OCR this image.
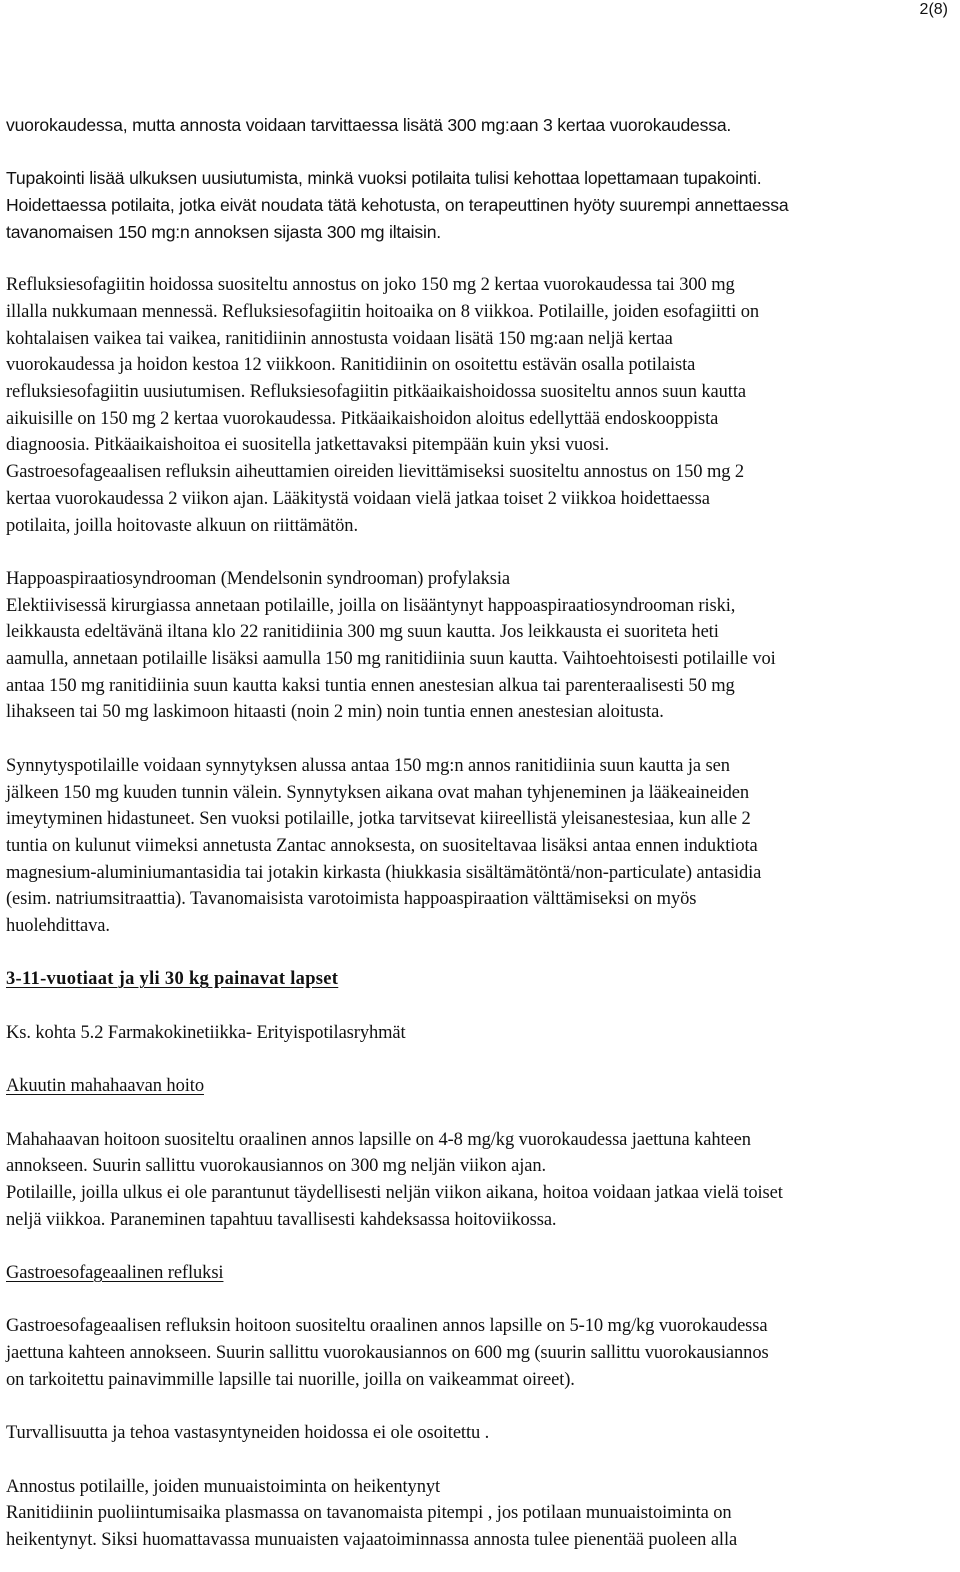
2(8)

vuorokaudessa, mutta annosta voidaan tarvittaessa lisätä 300 mg:aan 3 kertaa vuorokaudessa.

Tupakointi lisää ulkuksen uusiutumista, minkä vuoksi potilaita tulisi kehottaa lopettamaan tupakointi.
Hoidettaessa potilaita, jotka eivät noudata tätä kehotusta, on terapeuttinen hyöty suurempi annettaessa
tavanomaisen 150 mg:n annoksen sijasta 300 mg iltaisin.

Refluksiesofagiitin hoidossa suositeltu annostus on joko 150 mg 2 kertaa vuorokaudessa tai 300 mg
illalla nukkumaan mennessä. Refluksiesofagiitin hoitoaika on 8 viikkoa. Potilaille, joiden esofagiitti on
kohtalaisen vaikea tai vaikea, ranitidiinin annostusta voidaan lisätä 150 mg:aan neljä kertaa
vuorokaudessa ja hoidon kestoa 12 viikkoon. Ranitidiinin on osoitettu estävän osalla potilaista
refluksiesofagiitin uusiutumisen. Refluksiesofagiitin pitkäaikaishoidossa suositeltu annos suun kautta
aikuisille on 150 mg 2 kertaa vuorokaudessa. Pitkäaikaishoidon aloitus edellyttää endoskooppista
diagnoosia. Pitkäaikaishoitoa ei suositella jatkettavaksi pitempään kuin yksi vuosi.
Gastroesofageaalisen refluksin aiheuttamien oireiden lievittämiseksi suositeltu annostus on 150 mg 2
kertaa vuorokaudessa 2 viikon ajan. Lääkitystä voidaan vielä jatkaa toiset 2 viikkoa hoidettaessa
potilaita, joilla hoitovaste alkuun on riittämätön.

Happoaspiraatiosyndrooman (Mendelsonin syndrooman) profylaksia
Elektiivisessä kirurgiassa annetaan potilaille, joilla on lisääntynyt happoaspiraatiosyndrooman riski,
leikkausta edeltävänä iltana klo 22 ranitidiinia 300 mg suun kautta. Jos leikkausta ei suoriteta heti
aamulla, annetaan potilaille lisäksi aamulla 150 mg ranitidiinia suun kautta. Vaihtoehtoisesti potilaille voi
antaa 150 mg ranitidiinia suun kautta kaksi tuntia ennen anestesian alkua tai parenteraalisesti 50 mg
lihakseen tai 50 mg laskimoon hitaasti (noin 2 min) noin tuntia ennen anestesian aloitusta.

Synnytyspotilaille voidaan synnytyksen alussa antaa 150 mg:n annos ranitidiinia suun kautta ja sen
jälkeen 150 mg kuuden tunnin välein. Synnytyksen aikana ovat mahan tyhjeneminen ja lääkeaineiden
imeytyminen hidastuneet. Sen vuoksi potilaille, jotka tarvitsevat kiireellistä yleisanestesiaa, kun alle 2
tuntia on kulunut viimeksi annetusta Zantac annoksesta, on suositeltavaa lisäksi antaa ennen induktiota
magnesium-aluminiumantasidia tai jotakin kirkasta (hiukkasia sisältämätöntä/non-particulate) antasidia
(esim. natriumsitraattia). Tavanomaisista varotoimista happoaspiraation välttämiseksi on myös
huolehdittava.

3-11-vuotiaat ja yli 30 kg painavat lapset

Ks. kohta 5.2 Farmakokinetiikka- Erityispotilasryhmät

Akuutin mahahaavan hoito

Mahahaavan hoitoon suositeltu oraalinen annos lapsille on 4-8 mg/kg vuorokaudessa jaettuna kahteen
annokseen. Suurin sallittu vuorokausiannos on 300 mg neljän viikon ajan.
Potilaille, joilla ulkus ei ole parantunut täydellisesti neljän viikon aikana, hoitoa voidaan jatkaa vielä toiset
neljä viikkoa. Paraneminen tapahtuu tavallisesti kahdeksassa hoitoviikossa.

Gastroesofageaalinen refluksi

Gastroesofageaalisen refluksin hoitoon suositeltu oraalinen annos lapsille on 5-10 mg/kg vuorokaudessa
jaettuna kahteen annokseen. Suurin sallittu vuorokausiannos on 600 mg (suurin sallittu vuorokausiannos
on tarkoitettu painavimmille lapsille tai nuorille, joilla on vaikeammat oireet).

Turvallisuutta ja tehoa vastasyntyneiden hoidossa ei ole osoitettu .

Annostus potilaille, joiden munuaistoiminta on heikentynyt
Ranitidiinin puoliintumisaika plasmassa on tavanomaista pitempi , jos potilaan munuaistoiminta on
heikentynyt. Siksi huomattavassa munuaisten vajaatoiminnassa annosta tulee pienentää puoleen alla
